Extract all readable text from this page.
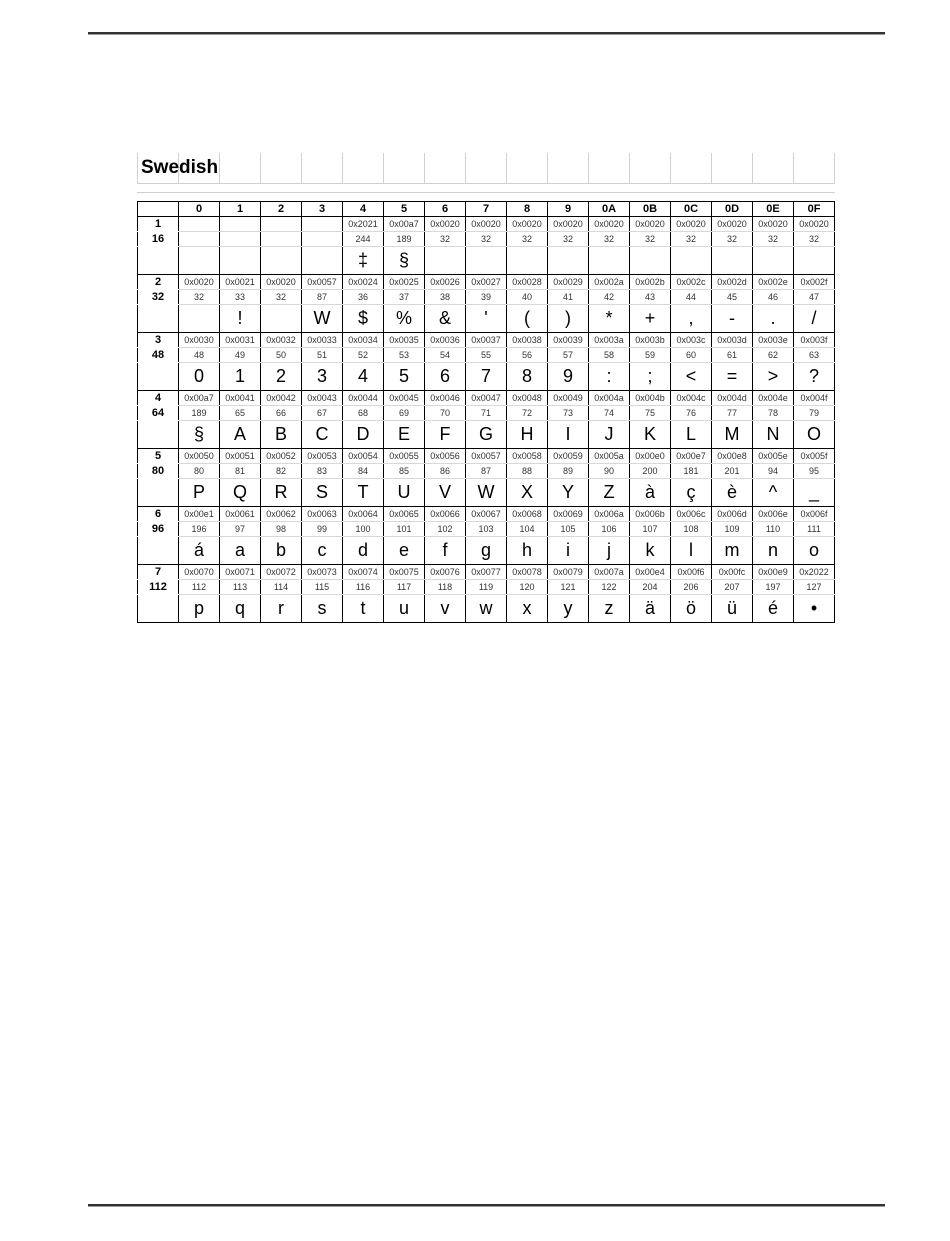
Swedish
	0	1	2	3	4	5	6	7	8	9	0A	0B	0C	0D	0E	0F
1					0x2021	0x00a7	0x0020	0x0020	0x0020	0x0020	0x0020	0x0020	0x0020	0x0020	0x0020	0x0020
16					244	189	32	32	32	32	32	32	32	32	32	32
					‡	§										
2	0x0020	0x0021	0x0020	0x0057	0x0024	0x0025	0x0026	0x0027	0x0028	0x0029	0x002a	0x002b	0x002c	0x002d	0x002e	0x002f
32	32	33	32	87	36	37	38	39	40	41	42	43	44	45	46	47
		!		W	$	%	&	'	(	)	*	+	,	-	.	/
3	0x0030	0x0031	0x0032	0x0033	0x0034	0x0035	0x0036	0x0037	0x0038	0x0039	0x003a	0x003b	0x003c	0x003d	0x003e	0x003f
48	48	49	50	51	52	53	54	55	56	57	58	59	60	61	62	63
	0	1	2	3	4	5	6	7	8	9	:	;	<	=	>	?
4	0x00a7	0x0041	0x0042	0x0043	0x0044	0x0045	0x0046	0x0047	0x0048	0x0049	0x004a	0x004b	0x004c	0x004d	0x004e	0x004f
64	189	65	66	67	68	69	70	71	72	73	74	75	76	77	78	79
	§	A	B	C	D	E	F	G	H	I	J	K	L	M	N	O
5	0x0050	0x0051	0x0052	0x0053	0x0054	0x0055	0x0056	0x0057	0x0058	0x0059	0x005a	0x00e0	0x00e7	0x00e8	0x005e	0x005f
80	80	81	82	83	84	85	86	87	88	89	90	200	181	201	94	95
	P	Q	R	S	T	U	V	W	X	Y	Z	à	ç	è	^	_
6	0x00e1	0x0061	0x0062	0x0063	0x0064	0x0065	0x0066	0x0067	0x0068	0x0069	0x006a	0x006b	0x006c	0x006d	0x006e	0x006f
96	196	97	98	99	100	101	102	103	104	105	106	107	108	109	110	111
	á	a	b	c	d	e	f	g	h	i	j	k	l	m	n	o
7	0x0070	0x0071	0x0072	0x0073	0x0074	0x0075	0x0076	0x0077	0x0078	0x0079	0x007a	0x00e4	0x00f6	0x00fc	0x00e9	0x2022
112	112	113	114	115	116	117	118	119	120	121	122	204	206	207	197	127
	p	q	r	s	t	u	v	w	x	y	z	ä	ö	ü	é	•
